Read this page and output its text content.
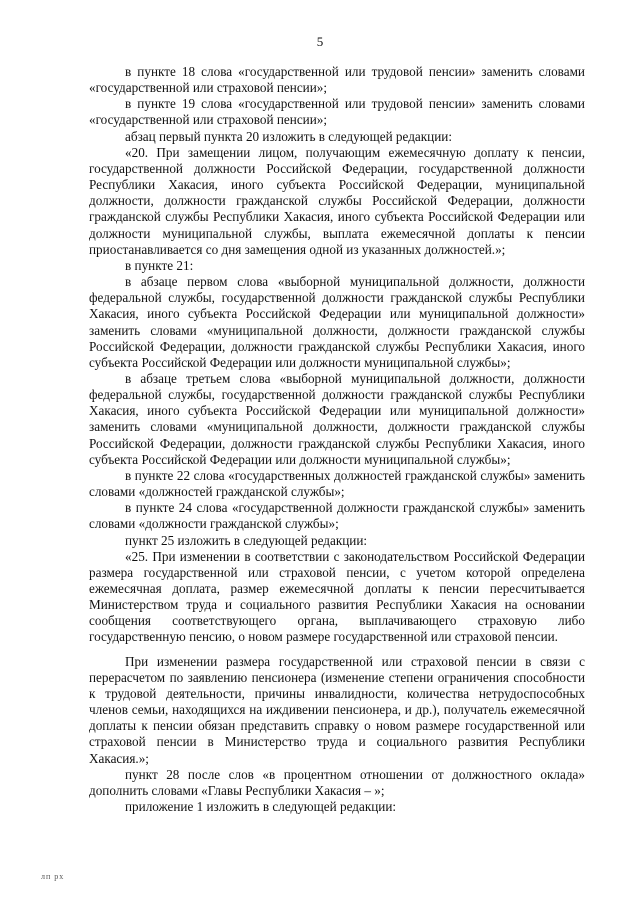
5

в пункте 18 слова «государственной или трудовой пенсии» заменить словами «государственной или страховой пенсии»;

в пункте 19 слова «государственной или трудовой пенсии» заменить словами «государственной или страховой пенсии»;

абзац первый пункта 20 изложить в следующей редакции:

«20. При замещении лицом, получающим ежемесячную доплату к пенсии, государственной должности Российской Федерации, государственной должности Республики Хакасия, иного субъекта Российской Федерации, муниципальной должности, должности гражданской службы Российской Федерации, должности гражданской службы Республики Хакасия, иного субъекта Российской Федерации или должности муниципальной службы, выплата ежемесячной доплаты к пенсии приостанавливается со дня замещения одной из указанных должностей.»;

в пункте 21:

в абзаце первом слова «выборной муниципальной должности, должности федеральной службы, государственной должности гражданской службы Республики Хакасия, иного субъекта Российской Федерации или муниципальной должности» заменить словами «муниципальной должности, должности гражданской службы Российской Федерации, должности гражданской службы Республики Хакасия, иного субъекта Российской Федерации или должности муниципальной службы»;

в абзаце третьем слова «выборной муниципальной должности, должности федеральной службы, государственной должности гражданской службы Республики Хакасия, иного субъекта Российской Федерации или муниципальной должности» заменить словами «муниципальной должности, должности гражданской службы Российской Федерации, должности гражданской службы Республики Хакасия, иного субъекта Российской Федерации или должности муниципальной службы»;

в пункте 22 слова «государственных должностей гражданской службы» заменить словами «должностей гражданской службы»;

в пункте 24 слова «государственной должности гражданской службы» заменить словами «должности гражданской службы»;

пункт 25 изложить в следующей редакции:

«25. При изменении в соответствии с законодательством Российской Федерации размера государственной или страховой пенсии, с учетом которой определена ежемесячная доплата, размер ежемесячной доплаты к пенсии пересчитывается Министерством труда и социального развития Республики Хакасия на основании сообщения соответствующего органа, выплачивающего страховую либо государственную пенсию, о новом размере государственной или страховой пенсии.

При изменении размера государственной или страховой пенсии в связи с перерасчетом по заявлению пенсионера (изменение степени ограничения способности к трудовой деятельности, причины инвалидности, количества нетрудоспособных членов семьи, находящихся на иждивении пенсионера, и др.), получатель ежемесячной доплаты к пенсии обязан представить справку о новом размере государственной или страховой пенсии в Министерство труда и социального развития Республики Хакасия.»;

пункт 28 после слов «в процентном отношении от должностного оклада» дополнить словами «Главы Республики Хакасия – »;

приложение 1 изложить в следующей редакции:

лп рх
